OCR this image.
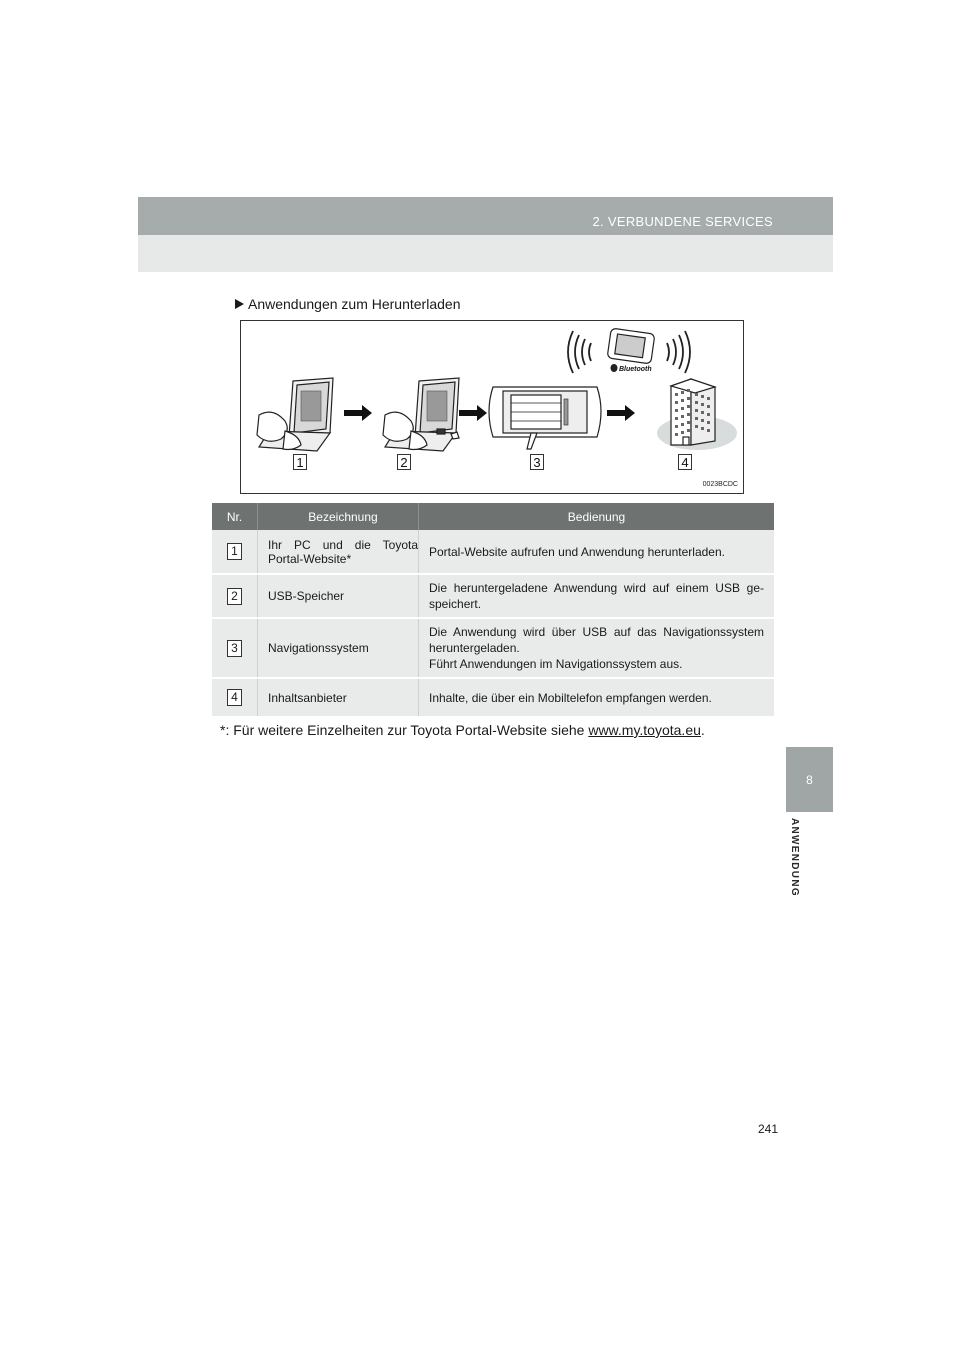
2. VERBUNDENE SERVICES
8
ANWENDUNG
Anwendungen zum Herunterladen
Bluetooth
1	2	3	4
0023BCDC
Nr.	Bezeichnung	Bedienung
1	Ihr PC und die Toyota Portal-Website*	Portal-Website aufrufen und Anwendung herunterladen.
2	USB-Speicher	Die heruntergeladene Anwendung wird auf einem USB ge-speichert.
3	Navigationssystem	Die Anwendung wird über USB auf das Navigationssystem heruntergeladen.
Führt Anwendungen im Navigationssystem aus.

4	Inhaltsanbieter	Inhalte, die über ein Mobiltelefon empfangen werden.
*: Für weitere Einzelheiten zur Toyota Portal-Website siehe www.my.toyota.eu.
241
